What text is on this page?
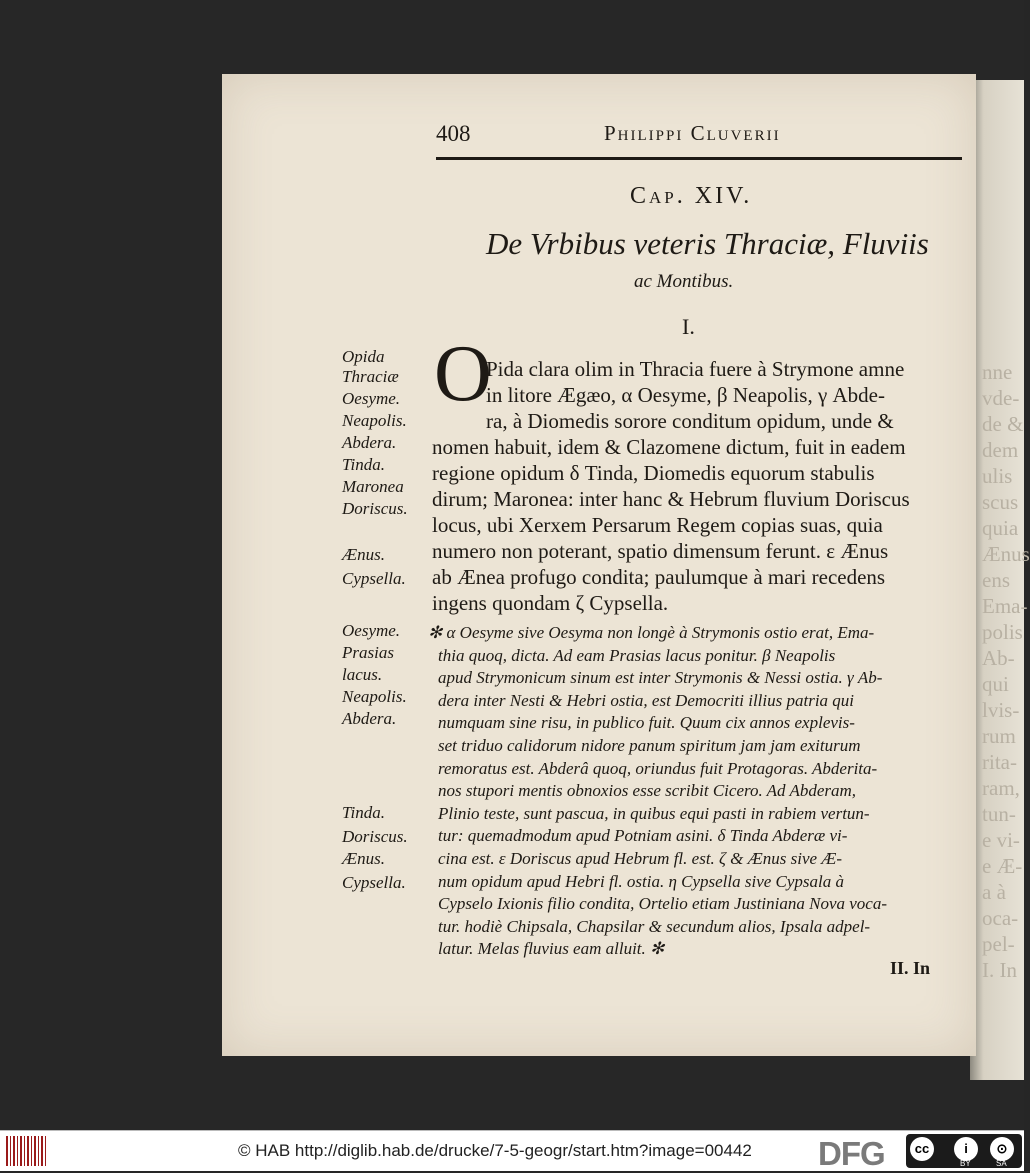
nne
vde-
de &
dem
ulis
scus
quia
Ænus
ens
Ema-
polis
Ab-
qui
lvis-
rum
rita-
ram,
tun-
e vi-
e Æ-
a à
oca-
pel-
I. In
408	Philippi Cluverii
Cap. XIV.
De Vrbibus veteris Thraciæ, Fluviis
ac Montibus.
I.
O
Pida clara olim in Thracia fuere à Strymone amne
in litore Ægæo, α Oesyme, β Neapolis, γ Abde-
ra, à Diomedis sorore conditum opidum, unde &
nomen habuit, idem & Clazomene dictum, fuit in eadem
regione opidum δ Tinda, Diomedis equorum stabulis
dirum; Maronea: inter hanc & Hebrum fluvium Doriscus
locus, ubi Xerxem Persarum Regem copias suas, quia
numero non poterant, spatio dimensum ferunt. ε Ænus
ab Ænea profugo condita; paulumque à mari recedens
ingens quondam ζ Cypsella.
✻ α Oesyme sive Oesyma non longè à Strymonis ostio erat, Ema-
thia quoq, dicta. Ad eam Prasias lacus ponitur. β Neapolis
apud Strymonicum sinum est inter Strymonis & Nessi ostia. γ Ab-
dera inter Nesti & Hebri ostia, est Democriti illius patria qui
numquam sine risu, in publico fuit. Quum cix annos explevis-
set triduo calidorum nidore panum spiritum jam jam exiturum
remoratus est. Abderâ quoq, oriundus fuit Protagoras. Abderita-
nos stupori mentis obnoxios esse scribit Cicero. Ad Abderam,
Plinio teste, sunt pascua, in quibus equi pasti in rabiem vertun-
tur: quemadmodum apud Potniam asini. δ Tinda Abderæ vi-
cina est. ε Doriscus apud Hebrum fl. est. ζ & Ænus sive Æ-
num opidum apud Hebri fl. ostia. η Cypsella sive Cypsala à
Cypselo Ixionis filio condita, Ortelio etiam Justiniana Nova voca-
tur. hodiè Chipsala, Chapsilar & secundum alios, Ipsala adpel-
latur. Melas fluvius eam alluit. ✻
Opida
Thraciæ
Oesyme.
Neapolis.
Abdera.
Tinda.
Maronea
Doriscus.
Ænus.
Cypsella.
Oesyme.
Prasias
lacus.
Neapolis.
Abdera.
Tinda.
Doriscus.
Ænus.
Cypsella.
II. In
© HAB http://diglib.hab.de/drucke/7-5-geogr/start.htm?image=00442 DFG	cc	i	⊙
BY	SA
